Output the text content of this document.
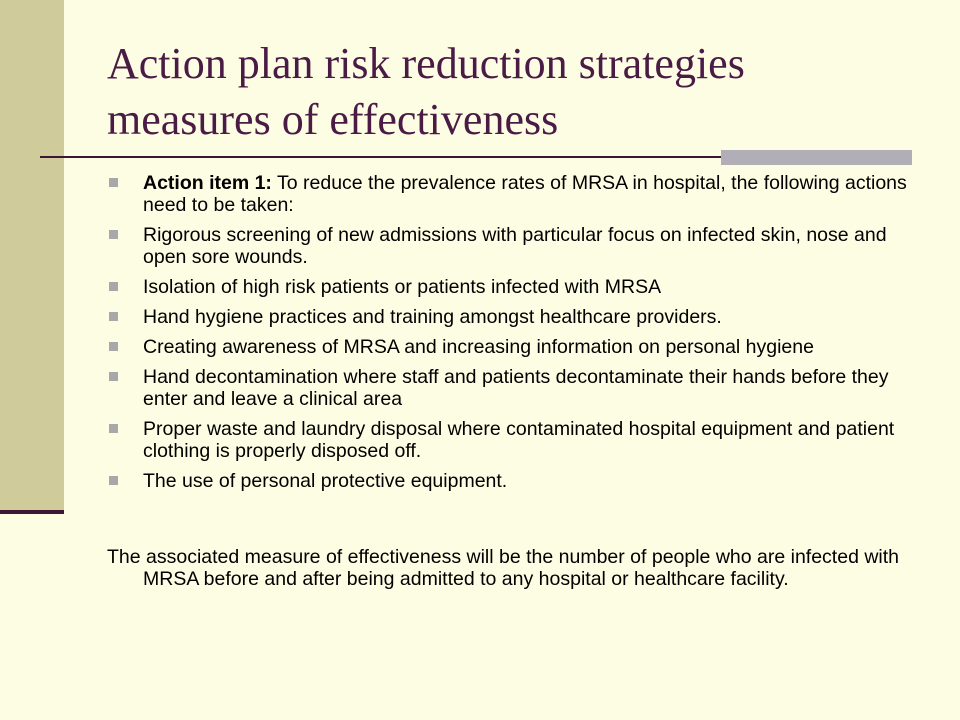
Action plan risk reduction strategies
measures of effectiveness
Action item 1: To reduce the prevalence rates of MRSA in hospital, the following actions need to be taken:
Rigorous screening of new admissions with particular focus on infected skin, nose and open sore wounds.
Isolation of high risk patients or patients infected with MRSA
Hand hygiene practices and training amongst healthcare providers.
Creating awareness of MRSA and increasing information on personal hygiene
Hand decontamination where staff and patients decontaminate their hands before they enter and leave a clinical area
Proper waste and laundry disposal where contaminated hospital equipment and patient clothing is properly disposed off.
The use of personal protective equipment.

The associated measure of effectiveness will be the number of people who are infected with MRSA before and after being admitted to any hospital or healthcare facility.
